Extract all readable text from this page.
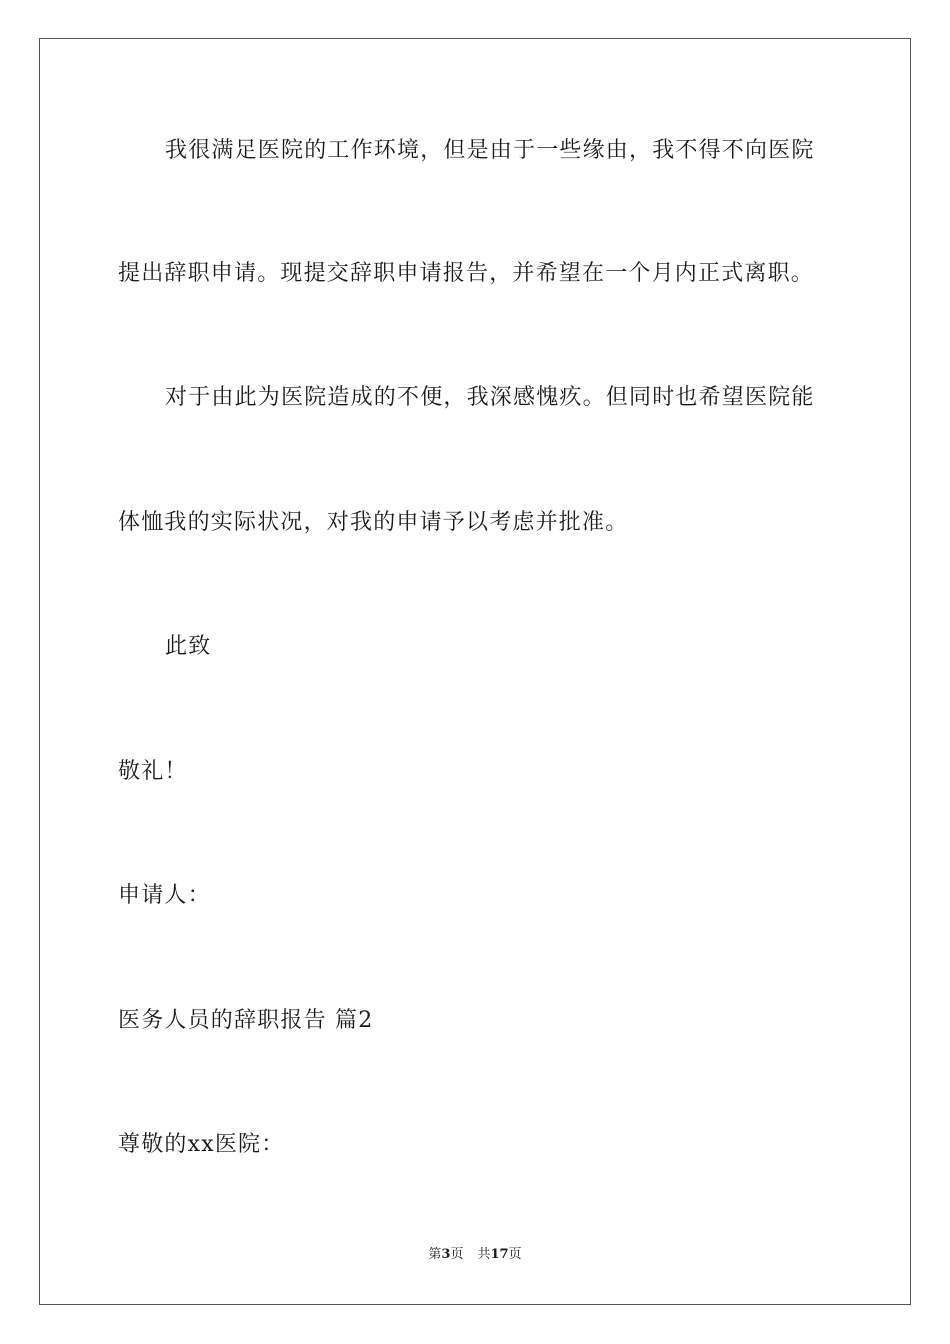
我很满足医院的工作环境，但是由于一些缘由，我不得不向医院
提出辞职申请。现提交辞职申请报告，并希望在一个月内正式离职。
对于由此为医院造成的不便，我深感愧疚。但同时也希望医院能
体恤我的实际状况，对我的申请予以考虑并批准。
此致
敬礼！
申请人：
医务人员的辞职报告 篇2
尊敬的xx医院：
第3页 共17页
